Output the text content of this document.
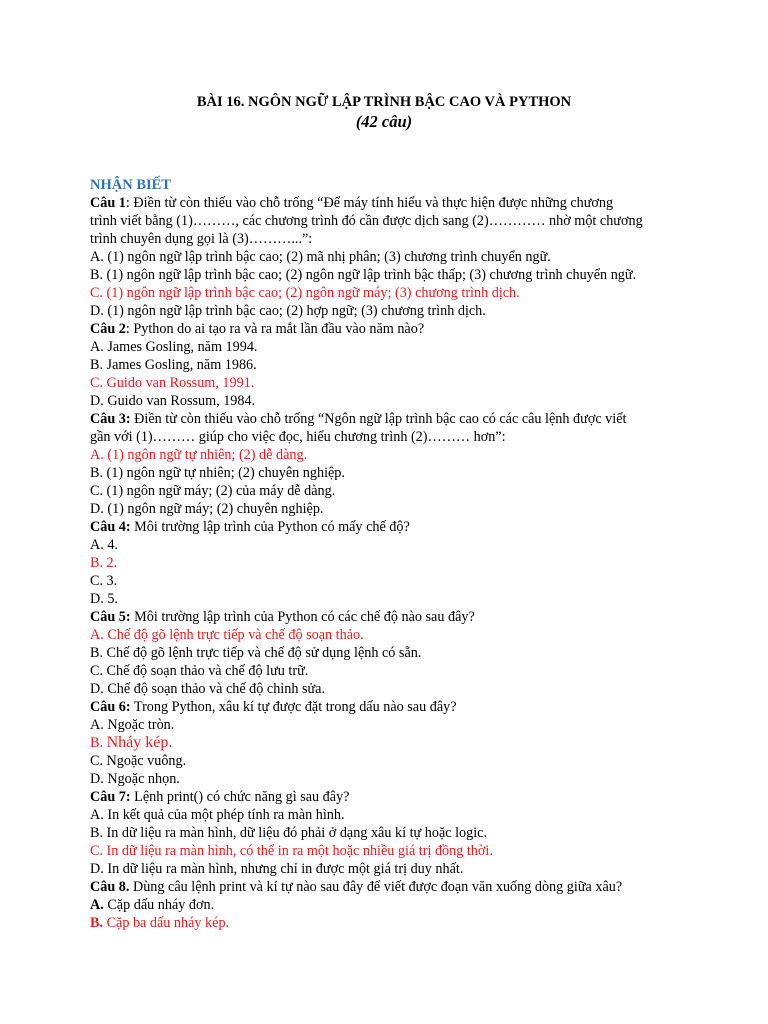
BÀI 16. NGÔN NGỮ LẬP TRÌNH BẬC CAO VÀ PYTHON
(42 câu)
NHẬN BIẾT
Câu 1: Điền từ còn thiếu vào chỗ trống “Để máy tính hiểu và thực hiện được những chương
trình viết bằng (1)………, các chương trình đó cần được dịch sang (2)………… nhờ một chương
trình chuyên dụng gọi là (3)………...”:
A. (1) ngôn ngữ lập trình bậc cao; (2) mã nhị phân; (3) chương trình chuyển ngữ.
B. (1) ngôn ngữ lập trình bậc cao; (2) ngôn ngữ lập trình bậc thấp; (3) chương trình chuyển ngữ.
C. (1) ngôn ngữ lập trình bậc cao; (2) ngôn ngữ máy; (3) chương trình dịch.
D. (1) ngôn ngữ lập trình bậc cao; (2) hợp ngữ; (3) chương trình dịch.
Câu 2: Python do ai tạo ra và ra mắt lần đầu vào năm nào?
A. James Gosling, năm 1994.
B. James Gosling, năm 1986.
C. Guido van Rossum, 1991.
D. Guido van Rossum, 1984.
Câu 3: Điền từ còn thiếu vào chỗ trống “Ngôn ngữ lập trình bậc cao có các câu lệnh được viết
gần với (1)……… giúp cho việc đọc, hiểu chương trình (2)……… hơn”:
A. (1) ngôn ngữ tự nhiên; (2) dễ dàng.
B. (1) ngôn ngữ tự nhiên; (2) chuyên nghiệp.
C. (1) ngôn ngữ máy; (2) của máy dễ dàng.
D. (1) ngôn ngữ máy; (2) chuyên nghiệp.
Câu 4: Môi trường lập trình của Python có mấy chế độ?
A. 4.
B. 2.
C. 3.
D. 5.
Câu 5: Môi trường lập trình của Python có các chế độ nào sau đây?
A. Chế độ gõ lệnh trực tiếp và chế độ soạn thảo.
B. Chế độ gõ lệnh trực tiếp và chế độ sử dụng lệnh có sẵn.
C. Chế độ soạn thảo và chế độ lưu trữ.
D. Chế độ soạn thảo và chế độ chỉnh sửa.
Câu 6: Trong Python, xâu kí tự được đặt trong dấu nào sau đây?
A. Ngoặc tròn.
B. Nháy kép.
C. Ngoặc vuông.
D. Ngoặc nhọn.
Câu 7: Lệnh print() có chức năng gì sau đây?
A. In kết quả của một phép tính ra màn hình.
B. In dữ liệu ra màn hình, dữ liệu đó phải ở dạng xâu kí tự hoặc logic.
C. In dữ liệu ra màn hình, có thể in ra một hoặc nhiều giá trị đồng thời.
D. In dữ liệu ra màn hình, nhưng chỉ in được một giá trị duy nhất.
Câu 8. Dùng câu lệnh print và kí tự nào sau đây để viết được đoạn văn xuống dòng giữa xâu?
A. Cặp dấu nháy đơn.
B. Cặp ba dấu nháy kép.
